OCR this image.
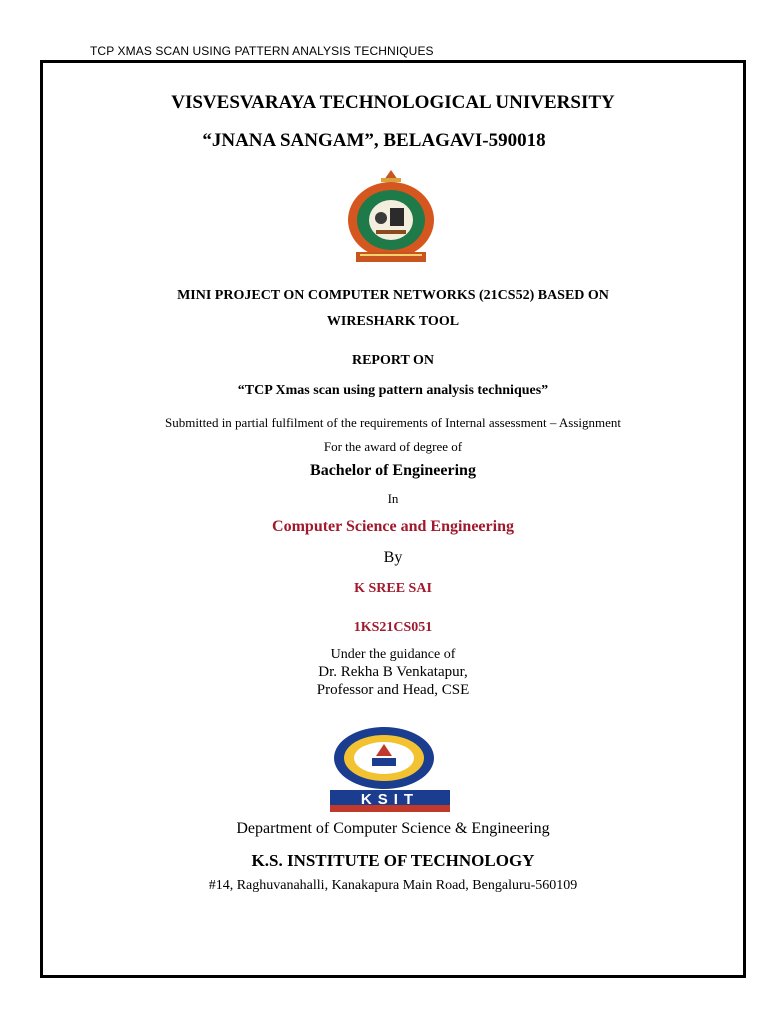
TCP XMAS SCAN USING PATTERN ANALYSIS TECHNIQUES
VISVESVARAYA TECHNOLOGICAL UNIVERSITY
“JNANA SANGAM”, BELAGAVI-590018
MINI PROJECT ON COMPUTER NETWORKS (21CS52) BASED ON
WIRESHARK TOOL
REPORT ON
“TCP Xmas scan using pattern analysis techniques”
Submitted in partial fulfilment of the requirements of Internal assessment – Assignment
For the award of degree of
Bachelor of Engineering
In
Computer Science and Engineering
By
K SREE SAI
1KS21CS051
Under the guidance of
Dr. Rekha B Venkatapur,
Professor and Head, CSE
KSIT
Department of Computer Science & Engineering
K.S. INSTITUTE OF TECHNOLOGY
#14, Raghuvanahalli, Kanakapura Main Road, Bengaluru-560109
